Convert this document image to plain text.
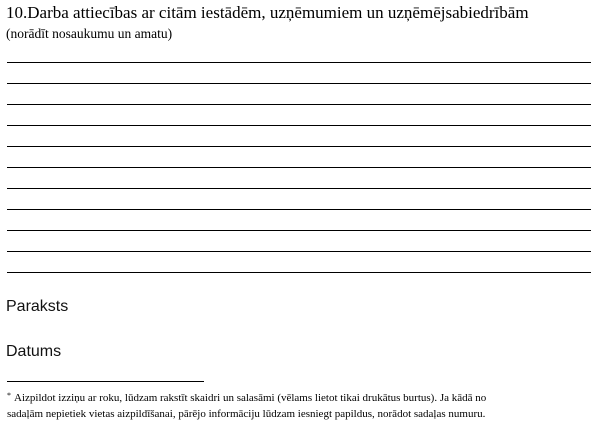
10.Darba attiecības ar citām iestādēm, uzņēmumiem un uzņēmējsabiedrībām
(norādīt nosaukumu un amatu)
Paraksts
Datums
* Aizpildot izziņu ar roku, lūdzam rakstīt skaidri un salasāmi (vēlams lietot tikai drukātus burtus). Ja kādā no
sadaļām nepietiek vietas aizpildīšanai, pārējo informāciju lūdzam iesniegt papildus, norādot sadaļas numuru.
